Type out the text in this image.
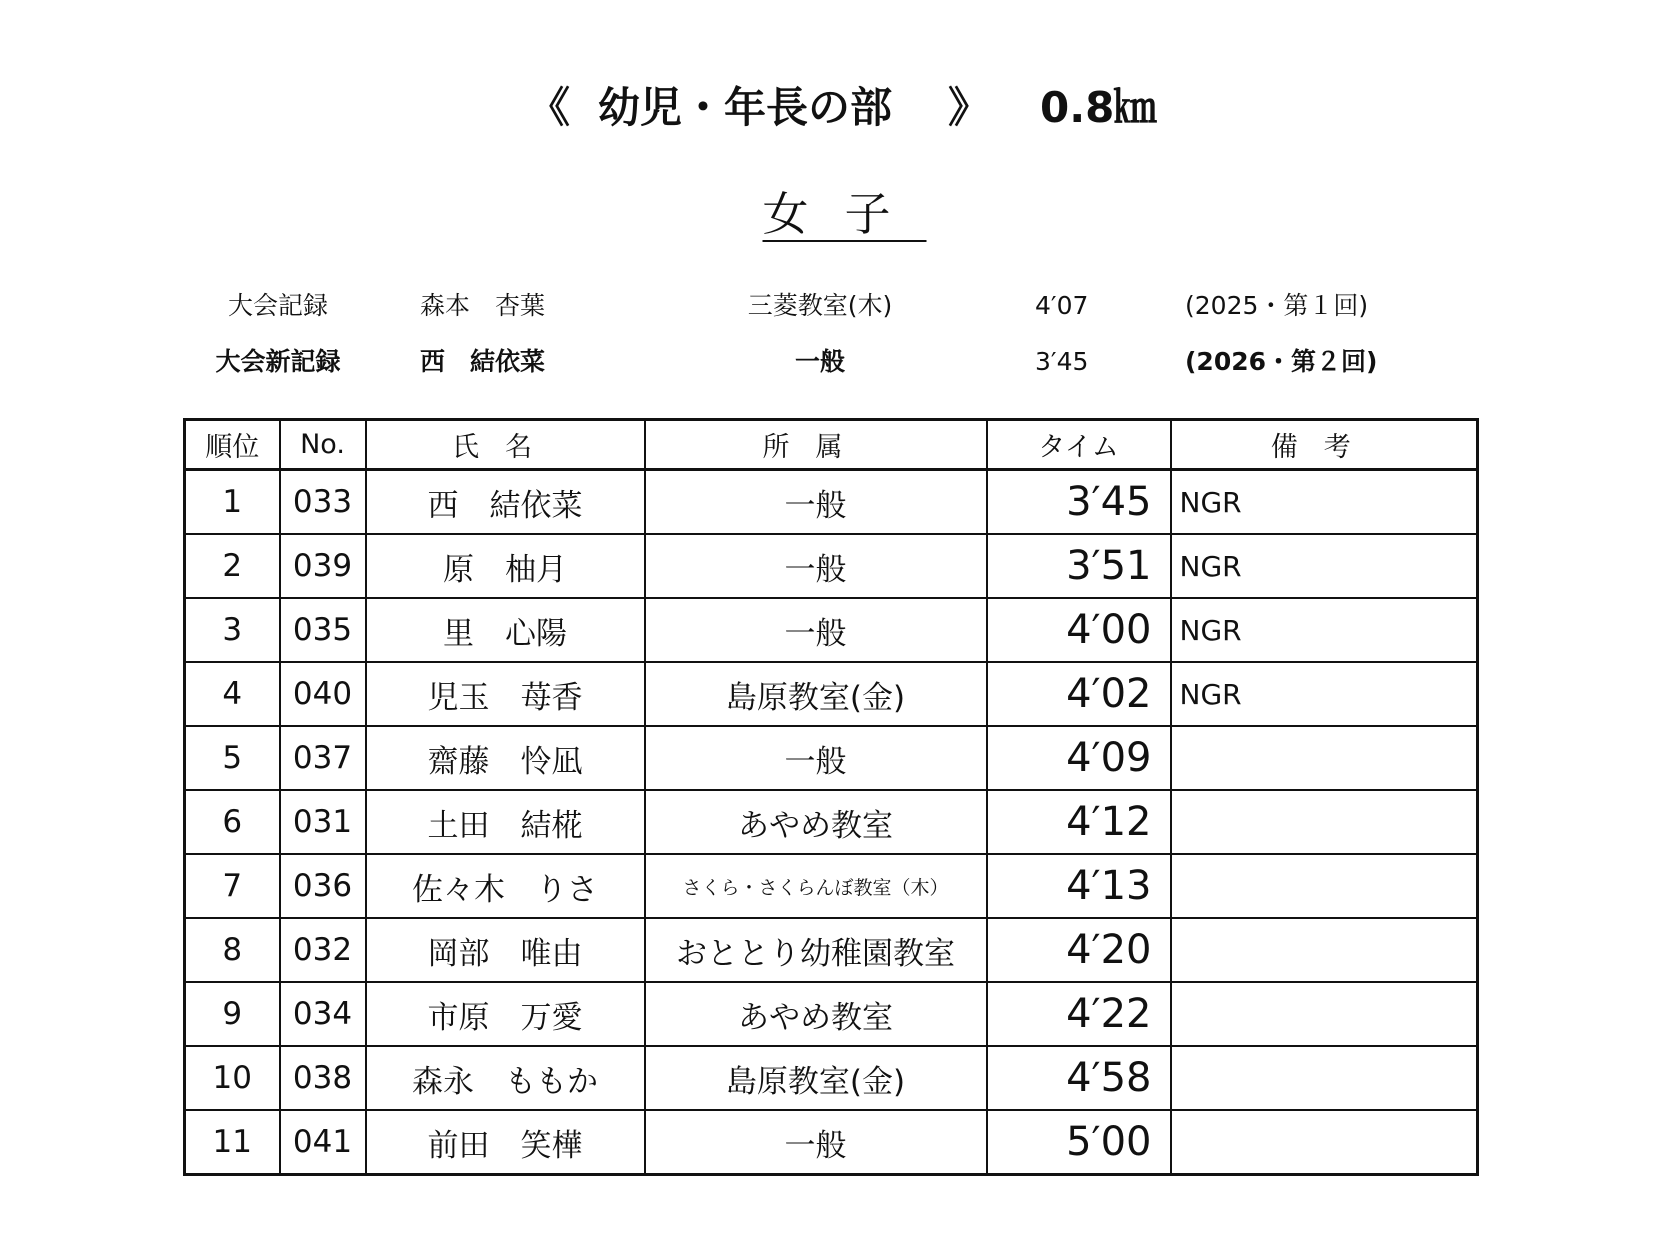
《 幼児・年長の部 》 0.8㎞
女子
大会記録	森本　杏葉	三菱教室(木)	4′07	(2025・第１回)
大会新記録	西　結依菜	一般	3′45	(2026・第２回)
順位	No.	氏名	所属	タイム	備考
1	033	西　結依菜	一般	3′45	NGR
2	039	原　柚月	一般	3′51	NGR
3	035	里　心陽	一般	4′00	NGR
4	040	児玉　苺香	島原教室(金)	4′02	NGR
5	037	齋藤　怜凪	一般	4′09	
6	031	土田　結椛	あやめ教室	4′12	
7	036	佐々木　りさ	さくら・さくらんぼ教室（木）	4′13	
8	032	岡部　唯由	おととり幼稚園教室	4′20	
9	034	市原　万愛	あやめ教室	4′22	
10	038	森永　ももか	島原教室(金)	4′58	
11	041	前田　笑樺	一般	5′00	
